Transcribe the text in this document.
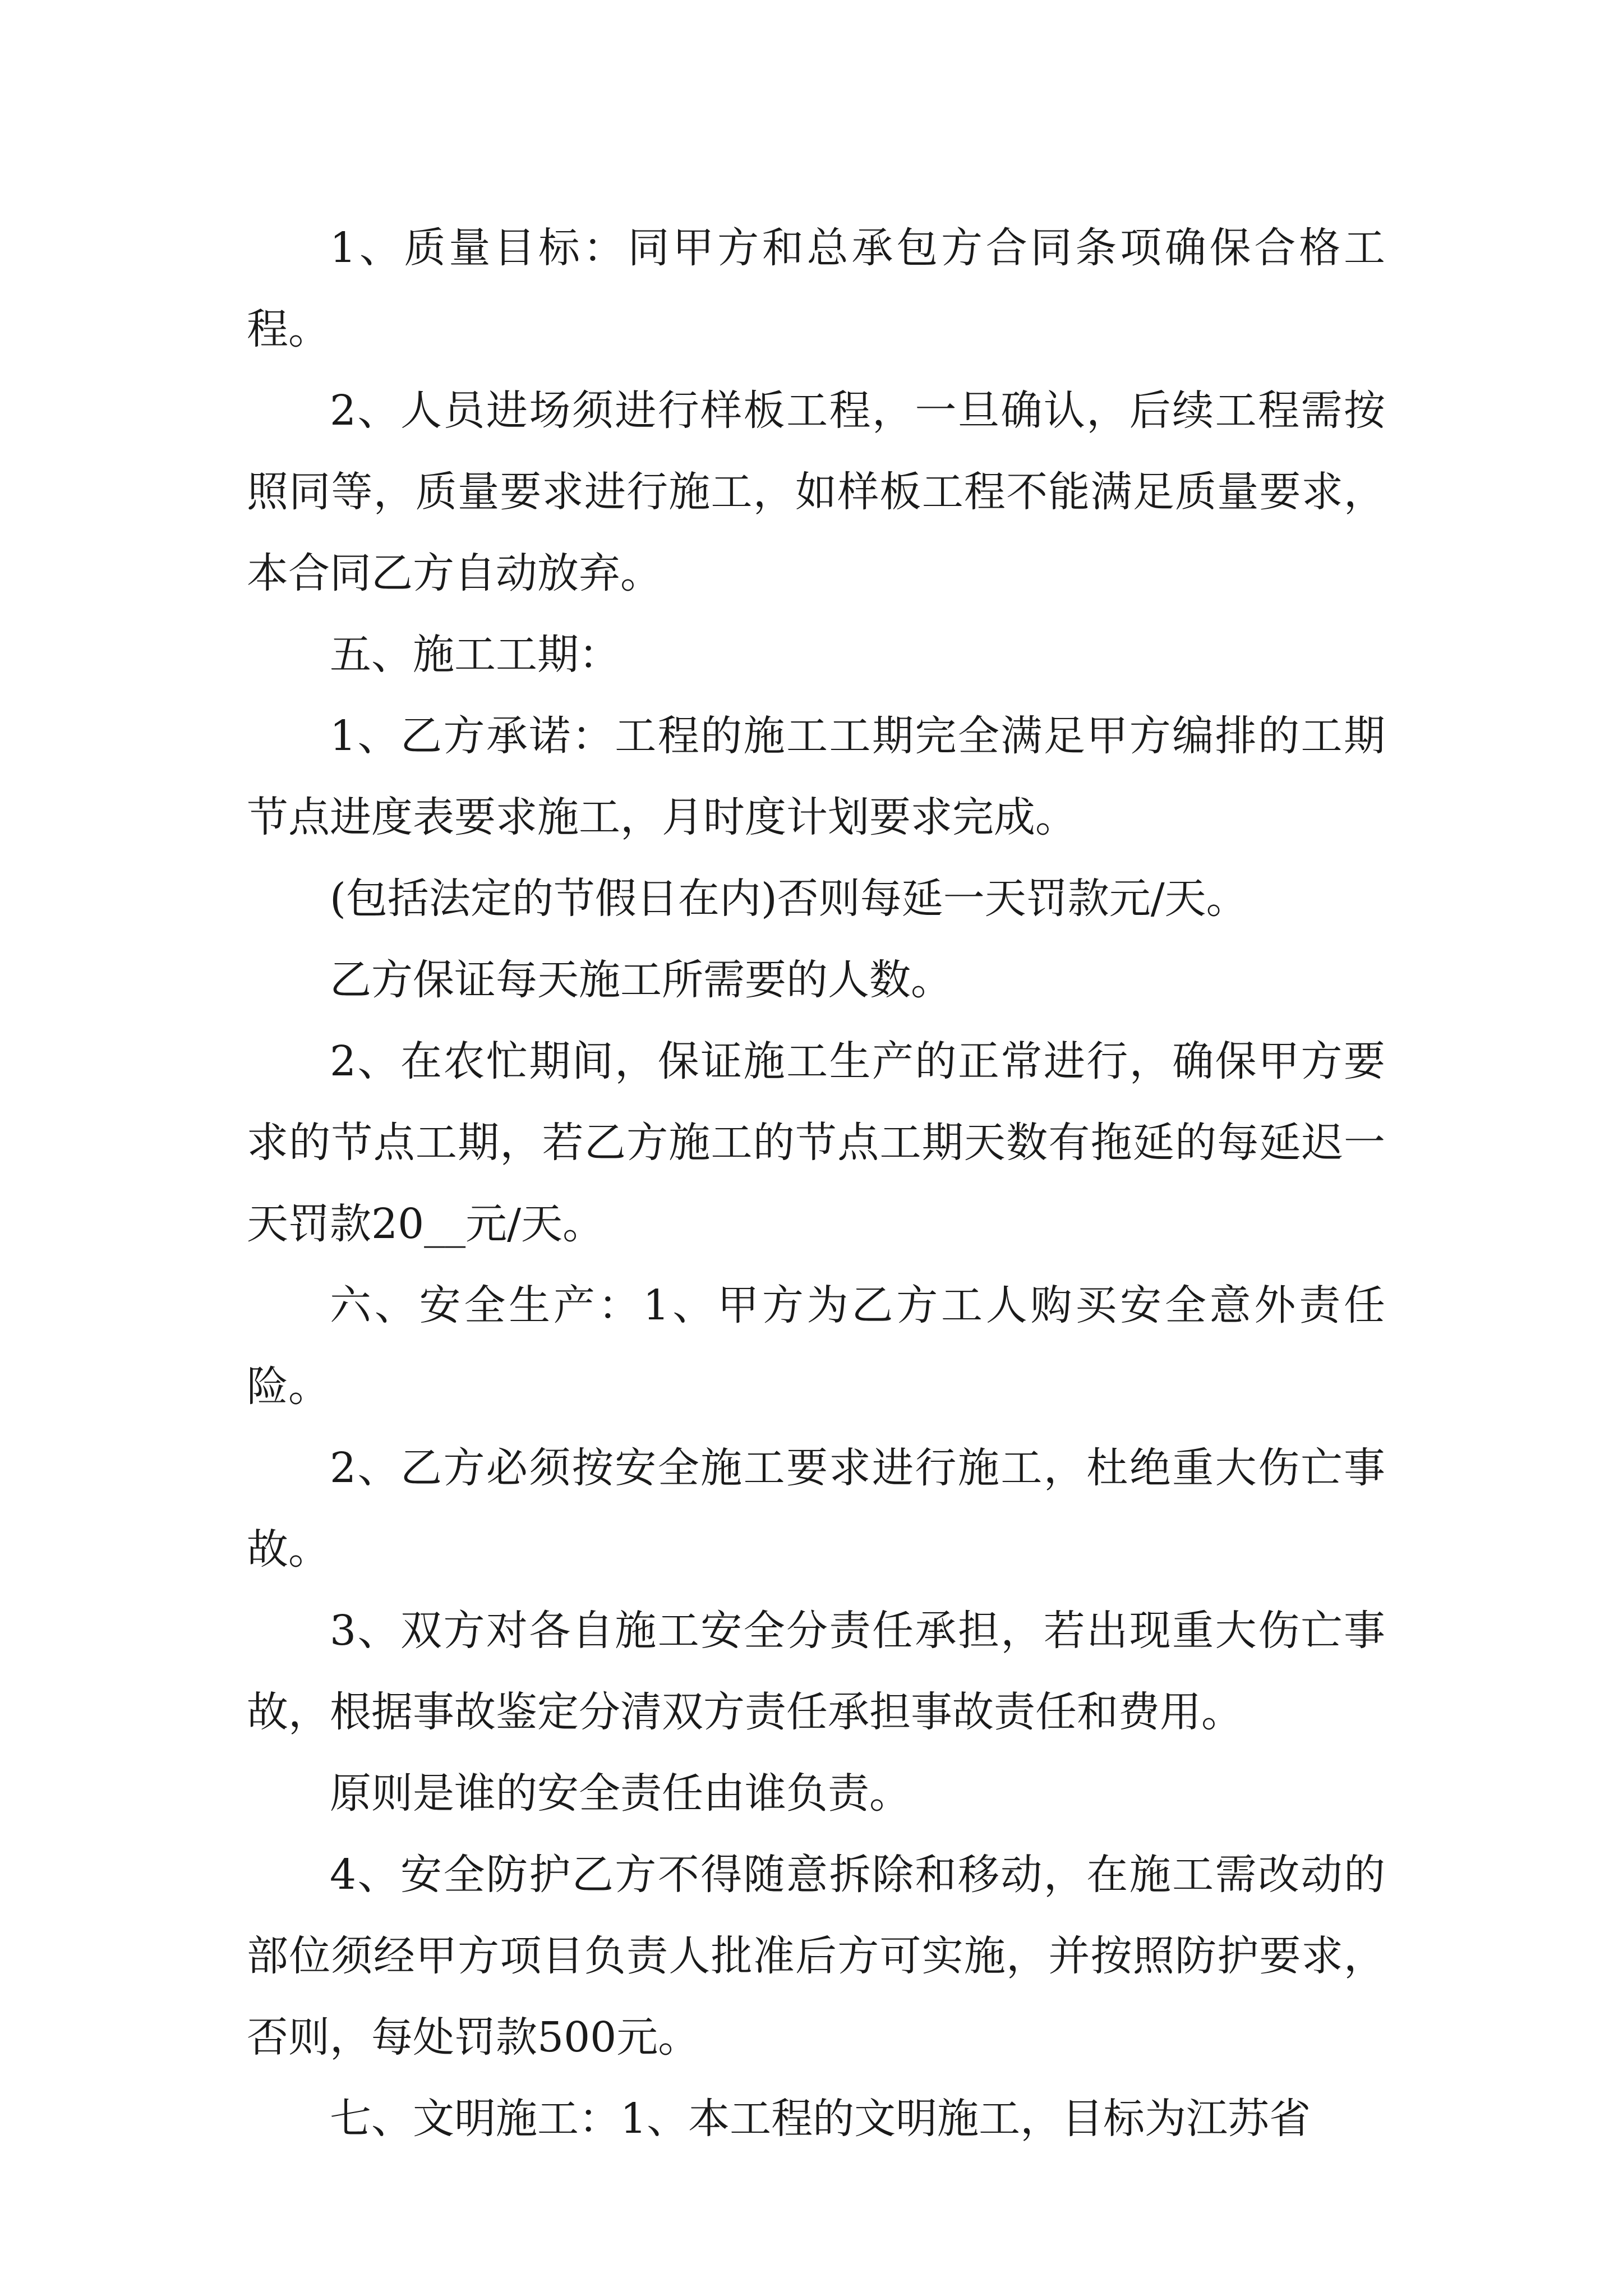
1、质量目标：同甲方和总承包方合同条项确保合格工程。

2、人员进场须进行样板工程，一旦确认，后续工程需按照同等，质量要求进行施工，如样板工程不能满足质量要求，本合同乙方自动放弃。

五、施工工期：

1、乙方承诺：工程的施工工期完全满足甲方编排的工期节点进度表要求施工，月时度计划要求完成。

(包括法定的节假日在内)否则每延一天罚款元/天。

乙方保证每天施工所需要的人数。

2、在农忙期间，保证施工生产的正常进行，确保甲方要求的节点工期，若乙方施工的节点工期天数有拖延的每延迟一天罚款20__元/天。

六、安全生产：1、甲方为乙方工人购买安全意外责任险。

2、乙方必须按安全施工要求进行施工，杜绝重大伤亡事故。

3、双方对各自施工安全分责任承担，若出现重大伤亡事故，根据事故鉴定分清双方责任承担事故责任和费用。

原则是谁的安全责任由谁负责。

4、安全防护乙方不得随意拆除和移动，在施工需改动的部位须经甲方项目负责人批准后方可实施，并按照防护要求，否则，每处罚款500元。

七、文明施工：1、本工程的文明施工，目标为江苏省
